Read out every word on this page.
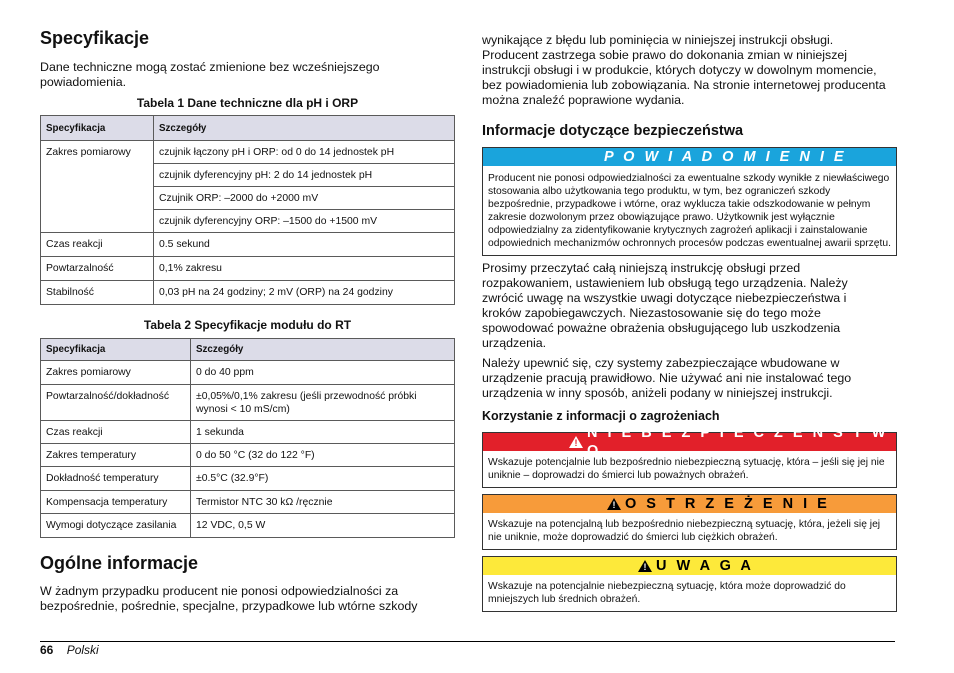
Specyfikacje

Dane techniczne mogą zostać zmienione bez wcześniejszego powiadomienia.

Tabela 1 Dane techniczne dla pH i ORP
Specyfikacja	Szczegóły
Zakres pomiarowy	czujnik łączony pH i ORP: od 0 do 14 jednostek pH
	czujnik dyferencyjny pH: 2 do 14 jednostek pH
	Czujnik ORP: –2000 do +2000 mV
	czujnik dyferencyjny ORP: –1500 do +1500 mV
Czas reakcji	0.5 sekund
Powtarzalność	0,1% zakresu
Stabilność	0,03 pH na 24 godziny; 2 mV (ORP) na 24 godziny
Tabela 2 Specyfikacje modułu do RT
Specyfikacja	Szczegóły
Zakres pomiarowy	0 do 40 ppm
Powtarzalność/dokładność	±0,05%/0,1% zakresu (jeśli przewodność próbki wynosi < 10 mS/cm)
Czas reakcji	1 sekunda
Zakres temperatury	0 do 50 °C (32 do 122 °F)
Dokładność temperatury	±0.5°C (32.9°F)
Kompensacja temperatury	Termistor NTC 30 kΩ /ręcznie
Wymogi dotyczące zasilania	12 VDC, 0,5 W
Ogólne informacje

W żadnym przypadku producent nie ponosi odpowiedzialności za bezpośrednie, pośrednie, specjalne, przypadkowe lub wtórne szkody

wynikające z błędu lub pominięcia w niniejszej instrukcji obsługi. Producent zastrzega sobie prawo do dokonania zmian w niniejszej instrukcji obsługi i w produkcie, których dotyczy w dowolnym momencie, bez powiadomienia lub zobowiązania. Na stronie internetowej producenta można znaleźć poprawione wydania.

Informacje dotyczące bezpieczeństwa
P O W I A D O M I E N I E
Producent nie ponosi odpowiedzialności za ewentualne szkody wynikłe z niewłaściwego stosowania albo użytkowania tego produktu, w tym, bez ograniczeń szkody bezpośrednie, przypadkowe i wtórne, oraz wyklucza takie odszkodowanie w pełnym zakresie dozwolonym przez obowiązujące prawo. Użytkownik jest wyłącznie odpowiedzialny za zidentyfikowanie krytycznych zagrożeń aplikacji i zainstalowanie odpowiednich mechanizmów ochronnych procesów podczas ewentualnej awarii sprzętu.

Prosimy przeczytać całą niniejszą instrukcję obsługi przed rozpakowaniem, ustawieniem lub obsługą tego urządzenia. Należy zwrócić uwagę na wszystkie uwagi dotyczące niebezpieczeństwa i kroków zapobiegawczych. Niezastosowanie się do tego może spowodować poważne obrażenia obsługującego lub uszkodzenia urządzenia.

Należy upewnić się, czy systemy zabezpieczające wbudowane w urządzenie pracują prawidłowo. Nie używać ani nie instalować tego urządzenia w inny sposób, aniżeli podany w niniejszej instrukcji.

Korzystanie z informacji o zagrożeniach
!
N I E B E Z P I E C Z E Ń S T W O
Wskazuje potencjalnie lub bezpośrednio niebezpieczną sytuację, która – jeśli się jej nie uniknie – doprowadzi do śmierci lub poważnych obrażeń.
! O S T R Z E Ż E N I E
Wskazuje na potencjalną lub bezpośrednio niebezpieczną sytuację, która, jeżeli się jej nie uniknie, może doprowadzić do śmierci lub ciężkich obrażeń.
! U W A G A
Wskazuje na potencjalnie niebezpieczną sytuację, która może doprowadzić do mniejszych lub średnich obrażeń.
66 Polski
